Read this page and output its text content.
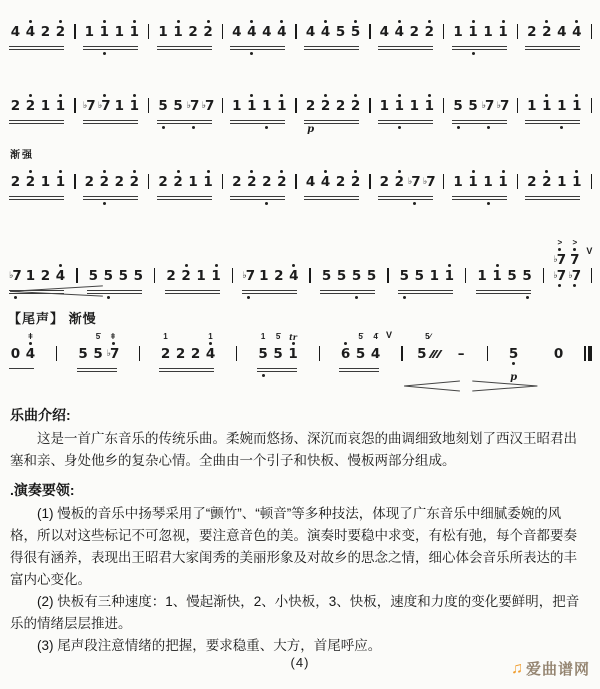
4 4 2 2 1 1 1 1 1 1 2 2 4 4 4 4 4 4 5 5 4 4 2 2 1 1 1 1 2 2 4 4
2 2 1 1 ♭ 7 ♭ 7 1 1 5 5 ♭ 7 ♭ 7 1 1 1 1 2 2 2 2
p
1 1 1 1 5 5 ♭ 7 ♭ 7 1 1 1 1
渐强
2 2 1 1 2 2 2 2 2 2 1 1 2 2 2 2 4 4 2 2 2 2 ♭ 7 ♭ 7 1 1 1 1 2 2 1 1
♭ 7 1 2 4 5 5 5 5 2 2 1 1 ♭ 7 1 2 4 5 5 5 5 5 5 1 1 1 1 5 5
>
♭ 7
>
7
♭ 7 ♭ 7
V
【尾声】 渐慢
0
ǂ
4	5
5̇
5
ǂ
♭ 7
1
2 2 2
1
4
1
5
5̇
5
tr
1	6
5̇
5
4̇
4
V	5∕
5	–	5	0
p
乐曲介绍:

这是一首广东音乐的传统乐曲。柔婉而悠扬、深沉而哀怨的曲调细致地刻划了西汉王昭君出塞和亲、身处他乡的复杂心情。全曲由一个引子和快板、慢板两部分组成。

.演奏要领:

(1) 慢板的音乐中扬琴采用了“颤竹”、“顿音”等多种技法，体现了广东音乐中细腻委婉的风格，所以对这些标记不可忽视，要注意音色的美。演奏时要稳中求变，有松有弛，每个音都要奏得很有涵养，表现出王昭君大家闺秀的美丽形象及对故乡的思念之情，细心体会音乐所表达的丰富内心变化。

(2) 快板有三种速度：1、慢起渐快，2、小快板，3、快板，速度和力度的变化要鲜明，把音乐的情绪层层推进。

(3) 尾声段注意情绪的把握，要求稳重、大方，首尾呼应。

(4)	♫ 爱曲谱网
